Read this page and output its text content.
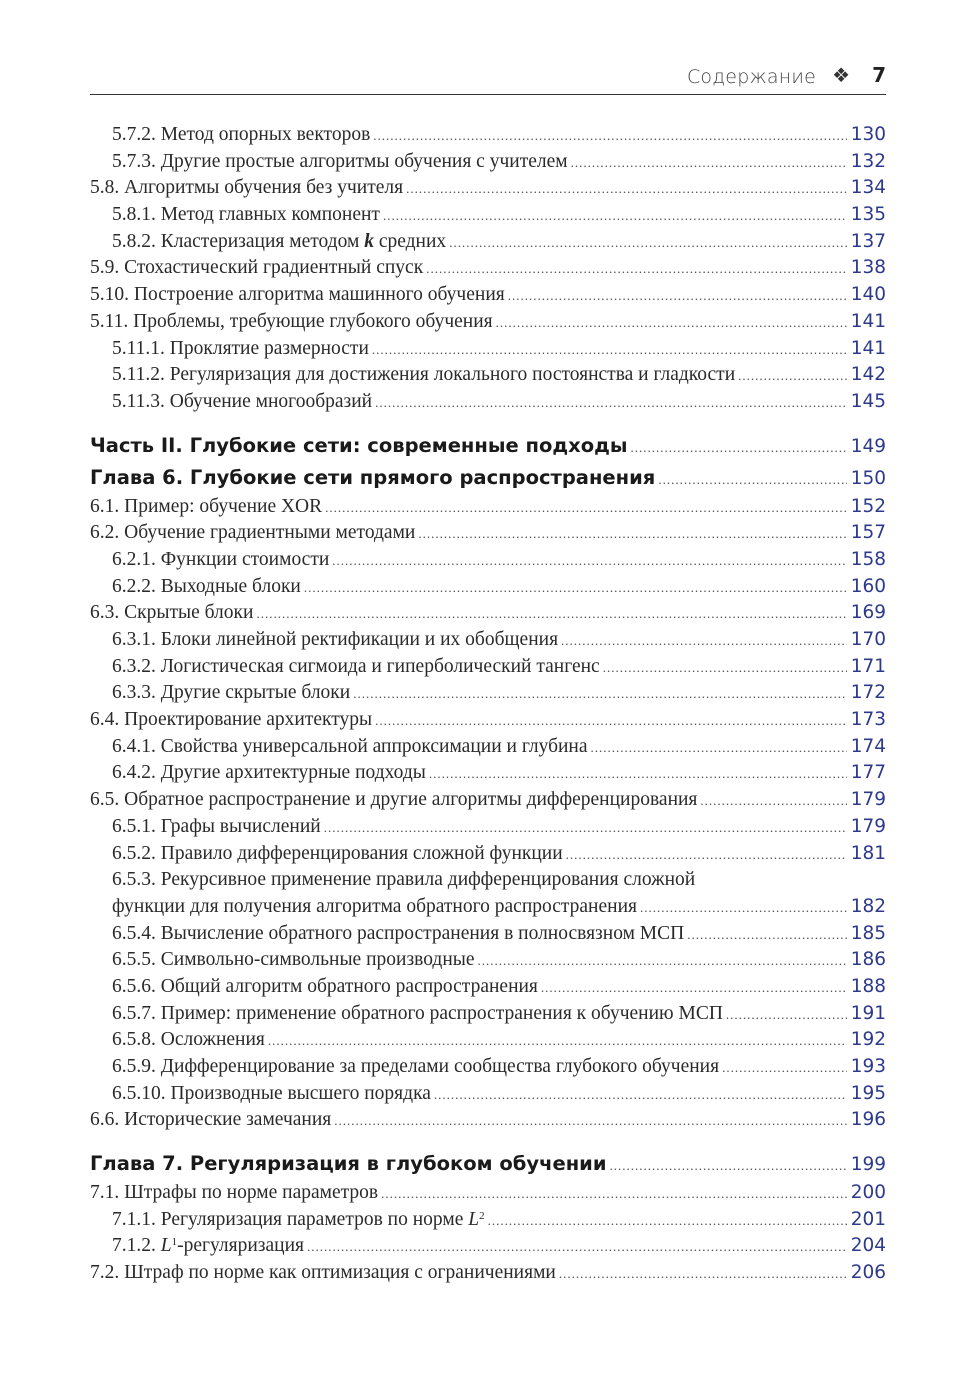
Содержание ❖ 7
5.7.2. Метод опорных векторов .....	130
5.7.3. Другие простые алгоритмы обучения с учителем .....	132
5.8. Алгоритмы обучения без учителя .....	134
5.8.1. Метод главных компонент .....	135
5.8.2. Кластеризация методом k средних .....	137
5.9. Стохастический градиентный спуск .....	138
5.10. Построение алгоритма машинного обучения .....	140
5.11. Проблемы, требующие глубокого обучения .....	141
5.11.1. Проклятие размерности .....	141
5.11.2. Регуляризация для достижения локального постоянства и гладкости .....	142
5.11.3. Обучение многообразий .....	145
Часть II. Глубокие сети: современные подходы .....	149
Глава 6. Глубокие сети прямого распространения .....	150
6.1. Пример: обучение XOR .....	152
6.2. Обучение градиентными методами .....	157
6.2.1. Функции стоимости .....	158
6.2.2. Выходные блоки .....	160
6.3. Скрытые блоки .....	169
6.3.1. Блоки линейной ректификации и их обобщения .....	170
6.3.2. Логистическая сигмоида и гиперболический тангенс .....	171
6.3.3. Другие скрытые блоки .....	172
6.4. Проектирование архитектуры .....	173
6.4.1. Свойства универсальной аппроксимации и глубина .....	174
6.4.2. Другие архитектурные подходы .....	177
6.5. Обратное распространение и другие алгоритмы дифференцирования .....	179
6.5.1. Графы вычислений .....	179
6.5.2. Правило дифференцирования сложной функции .....	181
6.5.3. Рекурсивное применение правила дифференцирования сложной
функции для получения алгоритма обратного распространения .....	182
6.5.4. Вычисление обратного распространения в полносвязном МСП .....	185
6.5.5. Символьно-символьные производные .....	186
6.5.6. Общий алгоритм обратного распространения .....	188
6.5.7. Пример: применение обратного распространения к обучению МСП .....	191
6.5.8. Осложнения .....	192
6.5.9. Дифференцирование за пределами сообщества глубокого обучения .....	193
6.5.10. Производные высшего порядка .....	195
6.6. Исторические замечания .....	196
Глава 7. Регуляризация в глубоком обучении .....	199
7.1. Штрафы по норме параметров .....	200
7.1.1. Регуляризация параметров по норме $L^2$ .....	201
7.1.2. $L^1$-регуляризация .....	204
7.2. Штраф по норме как оптимизация с ограничениями .....	206
